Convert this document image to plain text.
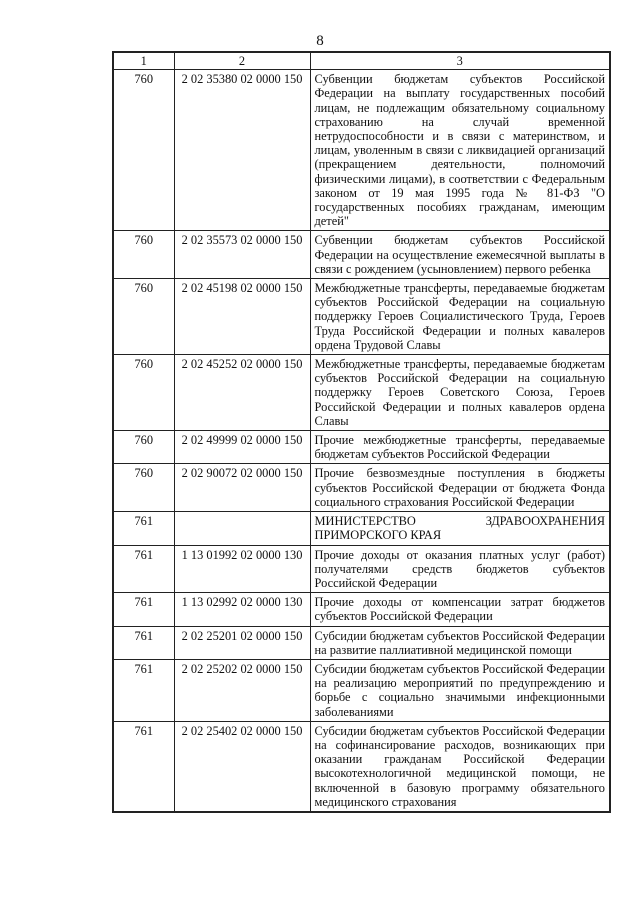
8
1	2	3
760	2 02 35380 02 0000 150	Субвенции бюджетам субъектов Российской Федерации на выплату государственных пособий лицам, не подлежащим обязательному социальному страхованию на случай временной нетрудоспособности и в связи с материнством, и лицам, уволенным в связи с ликвидацией организаций (прекращением деятельности, полномочий физическими лицами), в соответствии с Федеральным законом от 19 мая 1995 года № 81-ФЗ "О государственных пособиях гражданам, имеющим детей"
760	2 02 35573 02 0000 150	Субвенции бюджетам субъектов Российской Федерации на осуществление ежемесячной выплаты в связи с рождением (усыновлением) первого ребенка
760	2 02 45198 02 0000 150	Межбюджетные трансферты, передаваемые бюджетам субъектов Российской Федерации на социальную поддержку Героев Социалистического Труда, Героев Труда Российской Федерации и полных кавалеров ордена Трудовой Славы
760	2 02 45252 02 0000 150	Межбюджетные трансферты, передаваемые бюджетам субъектов Российской Федерации на социальную поддержку Героев Советского Союза, Героев Российской Федерации и полных кавалеров ордена Славы
760	2 02 49999 02 0000 150	Прочие межбюджетные трансферты, передаваемые бюджетам субъектов Российской Федерации
760	2 02 90072 02 0000 150	Прочие безвозмездные поступления в бюджеты субъектов Российской Федерации от бюджета Фонда социального страхования Российской Федерации
761		МИНИСТЕРСТВО ЗДРАВООХРАНЕНИЯ ПРИМОРСКОГО КРАЯ
761	1 13 01992 02 0000 130	Прочие доходы от оказания платных услуг (работ) получателями средств бюджетов субъектов Российской Федерации
761	1 13 02992 02 0000 130	Прочие доходы от компенсации затрат бюджетов субъектов Российской Федерации
761	2 02 25201 02 0000 150	Субсидии бюджетам субъектов Российской Федерации на развитие паллиативной медицинской помощи
761	2 02 25202 02 0000 150	Субсидии бюджетам субъектов Российской Федерации на реализацию мероприятий по предупреждению и борьбе с социально значимыми инфекционными заболеваниями
761	2 02 25402 02 0000 150	Субсидии бюджетам субъектов Российской Федерации на софинансирование расходов, возникающих при оказании гражданам Российской Федерации высокотехнологичной медицинской помощи, не включенной в базовую программу обязательного медицинского страхования
